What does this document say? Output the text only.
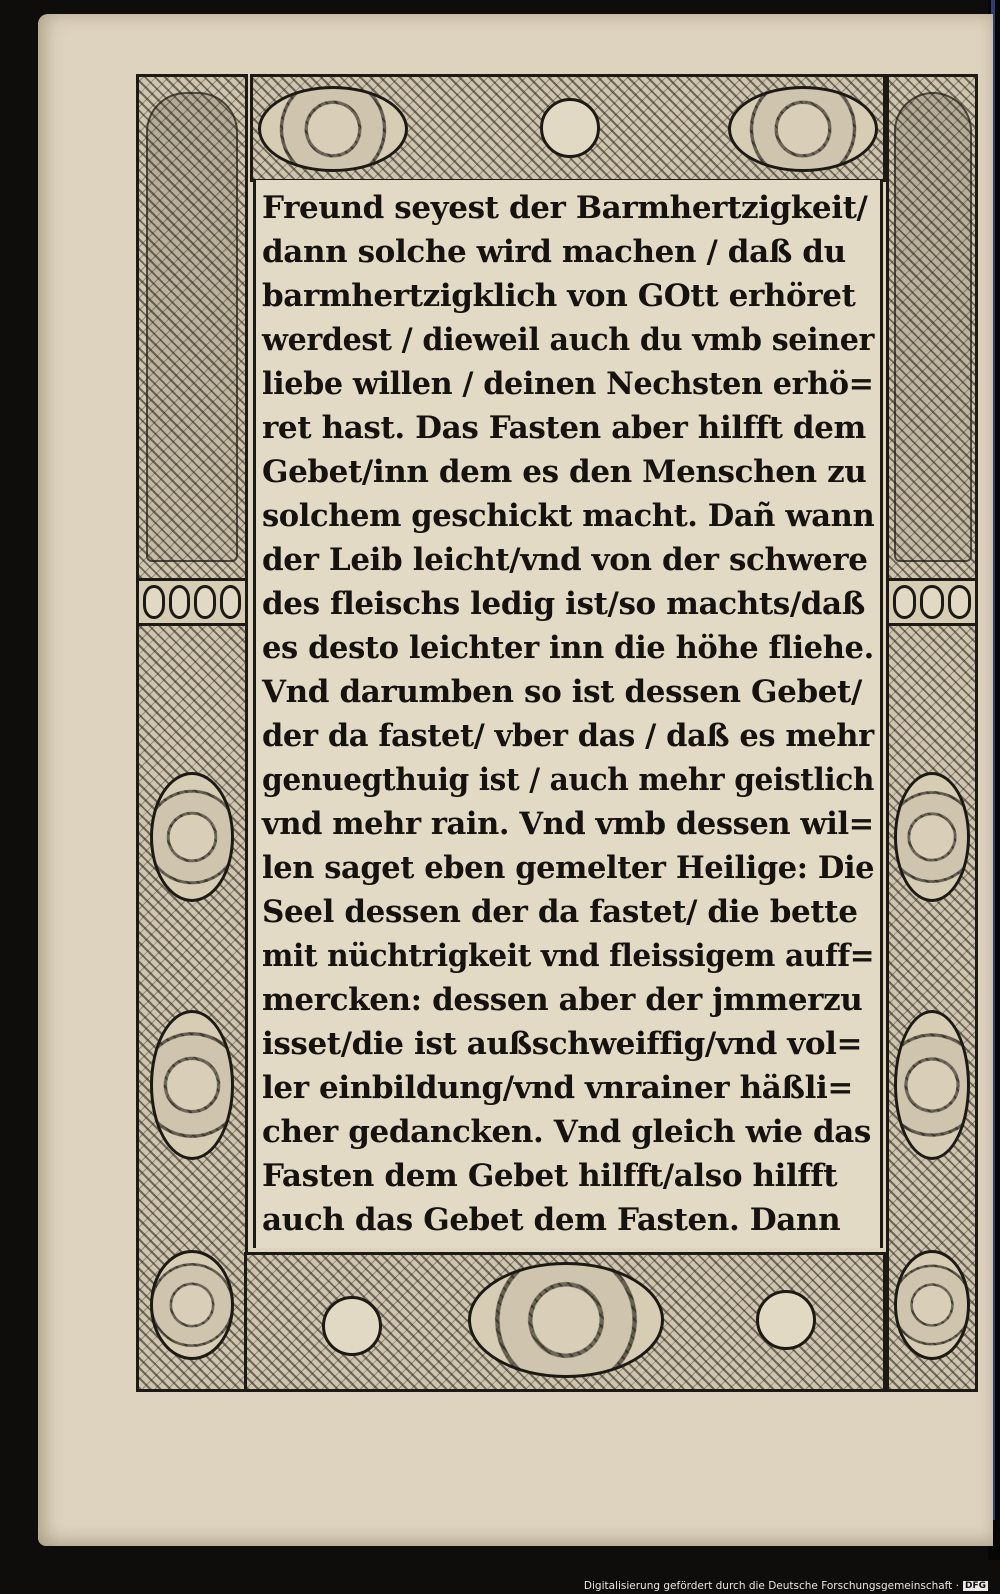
Freund seyest der Barmhertzigkeit/
dann solche wird machen / daß du
barmhertzigklich von GOtt erhöret
werdest / dieweil auch du vmb seiner
liebe willen / deinen Nechsten erhö=
ret hast. Das Fasten aber hilfft dem
Gebet/inn dem es den Menschen zu
solchem geschickt macht. Dañ wann
der Leib leicht/vnd von der schwere
des fleischs ledig ist/so machts/daß
es desto leichter inn die höhe fliehe.
Vnd darumben so ist dessen Gebet/
der da fastet/ vber das / daß es mehr
genuegthuig ist / auch mehr geistlich
vnd mehr rain. Vnd vmb dessen wil=
len saget eben gemelter Heilige: Die
Seel dessen der da fastet/ die bette
mit nüchtrigkeit vnd fleissigem auff=
mercken: dessen aber der jmmerzu
isset/die ist außschweiffig/vnd vol=
ler einbildung/vnd vnrainer häßli=
cher gedancken. Vnd gleich wie das
Fasten dem Gebet hilfft/also hilfft
auch das Gebet dem Fasten. Dann
Digitalisierung gefördert durch die Deutsche Forschungsgemeinschaft · DFG
